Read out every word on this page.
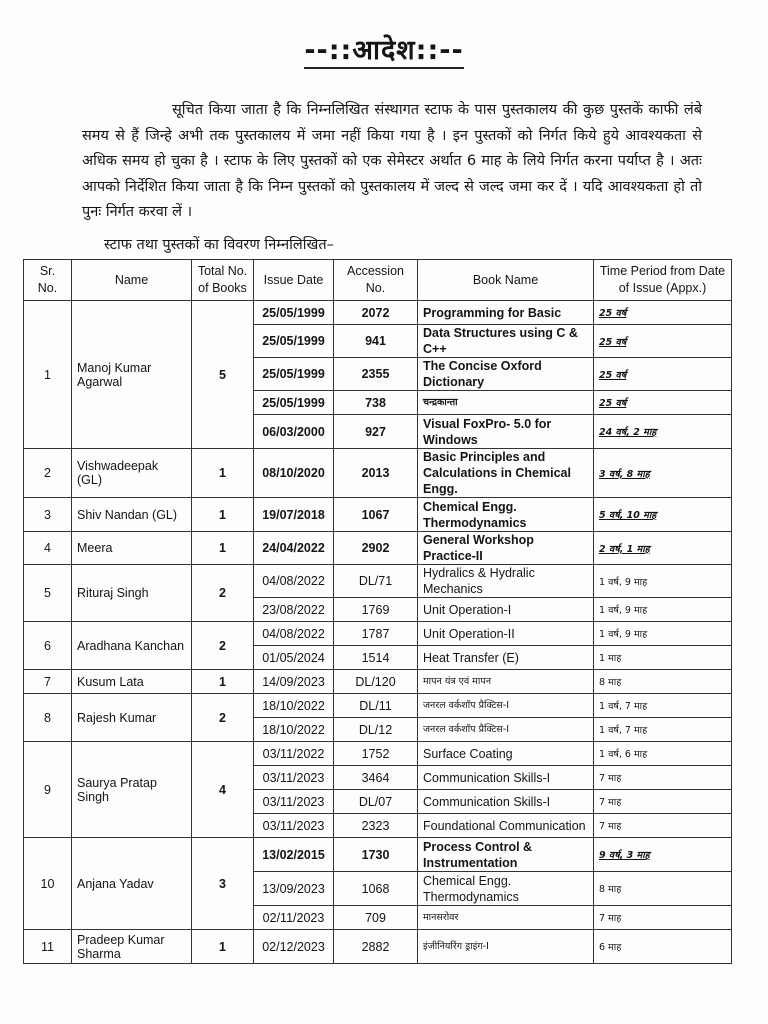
--::आदेश::--
सूचित किया जाता है कि निम्नलिखित संस्थागत स्टाफ के पास पुस्तकालय की कुछ पुस्तकें काफी लंबे समय से हैं जिन्हे अभी तक पुस्तकालय में जमा नहीं किया गया है । इन पुस्तकों को निर्गत किये हुये आवश्यकता से अधिक समय हो चुका है । स्टाफ के लिए पुस्तकों को एक सेमेस्टर अर्थात 6 माह के लिये निर्गत करना पर्याप्त है । अतः आपको निर्देशित किया जाता है कि निम्न पुस्तकों को पुस्तकालय में जल्द से जल्द जमा कर दें । यदि आवश्यकता हो तो पुनः निर्गत करवा लें ।
स्टाफ तथा पुस्तकों का विवरण निम्नलिखित–
Sr. No.	Name	Total No. of Books	Issue Date	Accession No.	Book Name	Time Period from Date of Issue (Appx.)
1	Manoj Kumar Agarwal	5	25/05/1999	2072	Programming for Basic	25 वर्ष
			25/05/1999	941	Data Structures using C & C++	25 वर्ष
			25/05/1999	2355	The Concise Oxford Dictionary	25 वर्ष
			25/05/1999	738	चन्द्रकान्ता	25 वर्ष
			06/03/2000	927	Visual FoxPro- 5.0 for Windows	24 वर्ष, 2 माह
2	Vishwadeepak (GL)	1	08/10/2020	2013	Basic Principles and Calculations in Chemical Engg.	3 वर्ष, 8 माह
3	Shiv Nandan (GL)	1	19/07/2018	1067	Chemical Engg. Thermodynamics	5 वर्ष, 10 माह
4	Meera	1	24/04/2022	2902	General Workshop Practice-II	2 वर्ष, 1 माह
5	Rituraj Singh	2	04/08/2022	DL/71	Hydralics & Hydralic Mechanics	1 वर्ष, 9 माह
			23/08/2022	1769	Unit Operation-I	1 वर्ष, 9 माह
6	Aradhana Kanchan	2	04/08/2022	1787	Unit Operation-II	1 वर्ष, 9 माह
			01/05/2024	1514	Heat Transfer (E)	1 माह
7	Kusum Lata	1	14/09/2023	DL/120	मापन यंत्र एवं मापन	8 माह
8	Rajesh Kumar	2	18/10/2022	DL/11	जनरल वर्कशॉप प्रैक्टिस-I	1 वर्ष, 7 माह
			18/10/2022	DL/12	जनरल वर्कशॉप प्रैक्टिस-I	1 वर्ष, 7 माह
9	Saurya Pratap Singh	4	03/11/2022	1752	Surface Coating	1 वर्ष, 6 माह
			03/11/2023	3464	Communication Skills-I	7 माह
			03/11/2023	DL/07	Communication Skills-I	7 माह
			03/11/2023	2323	Foundational Communication	7 माह
10	Anjana Yadav	3	13/02/2015	1730	Process Control & Instrumentation	9 वर्ष, 3 माह
			13/09/2023	1068	Chemical Engg. Thermodynamics	8 माह
			02/11/2023	709	मानसरोवर	7 माह
11	Pradeep Kumar Sharma	1	02/12/2023	2882	इंजीनियरिंग ड्राइंग-I	6 माह
